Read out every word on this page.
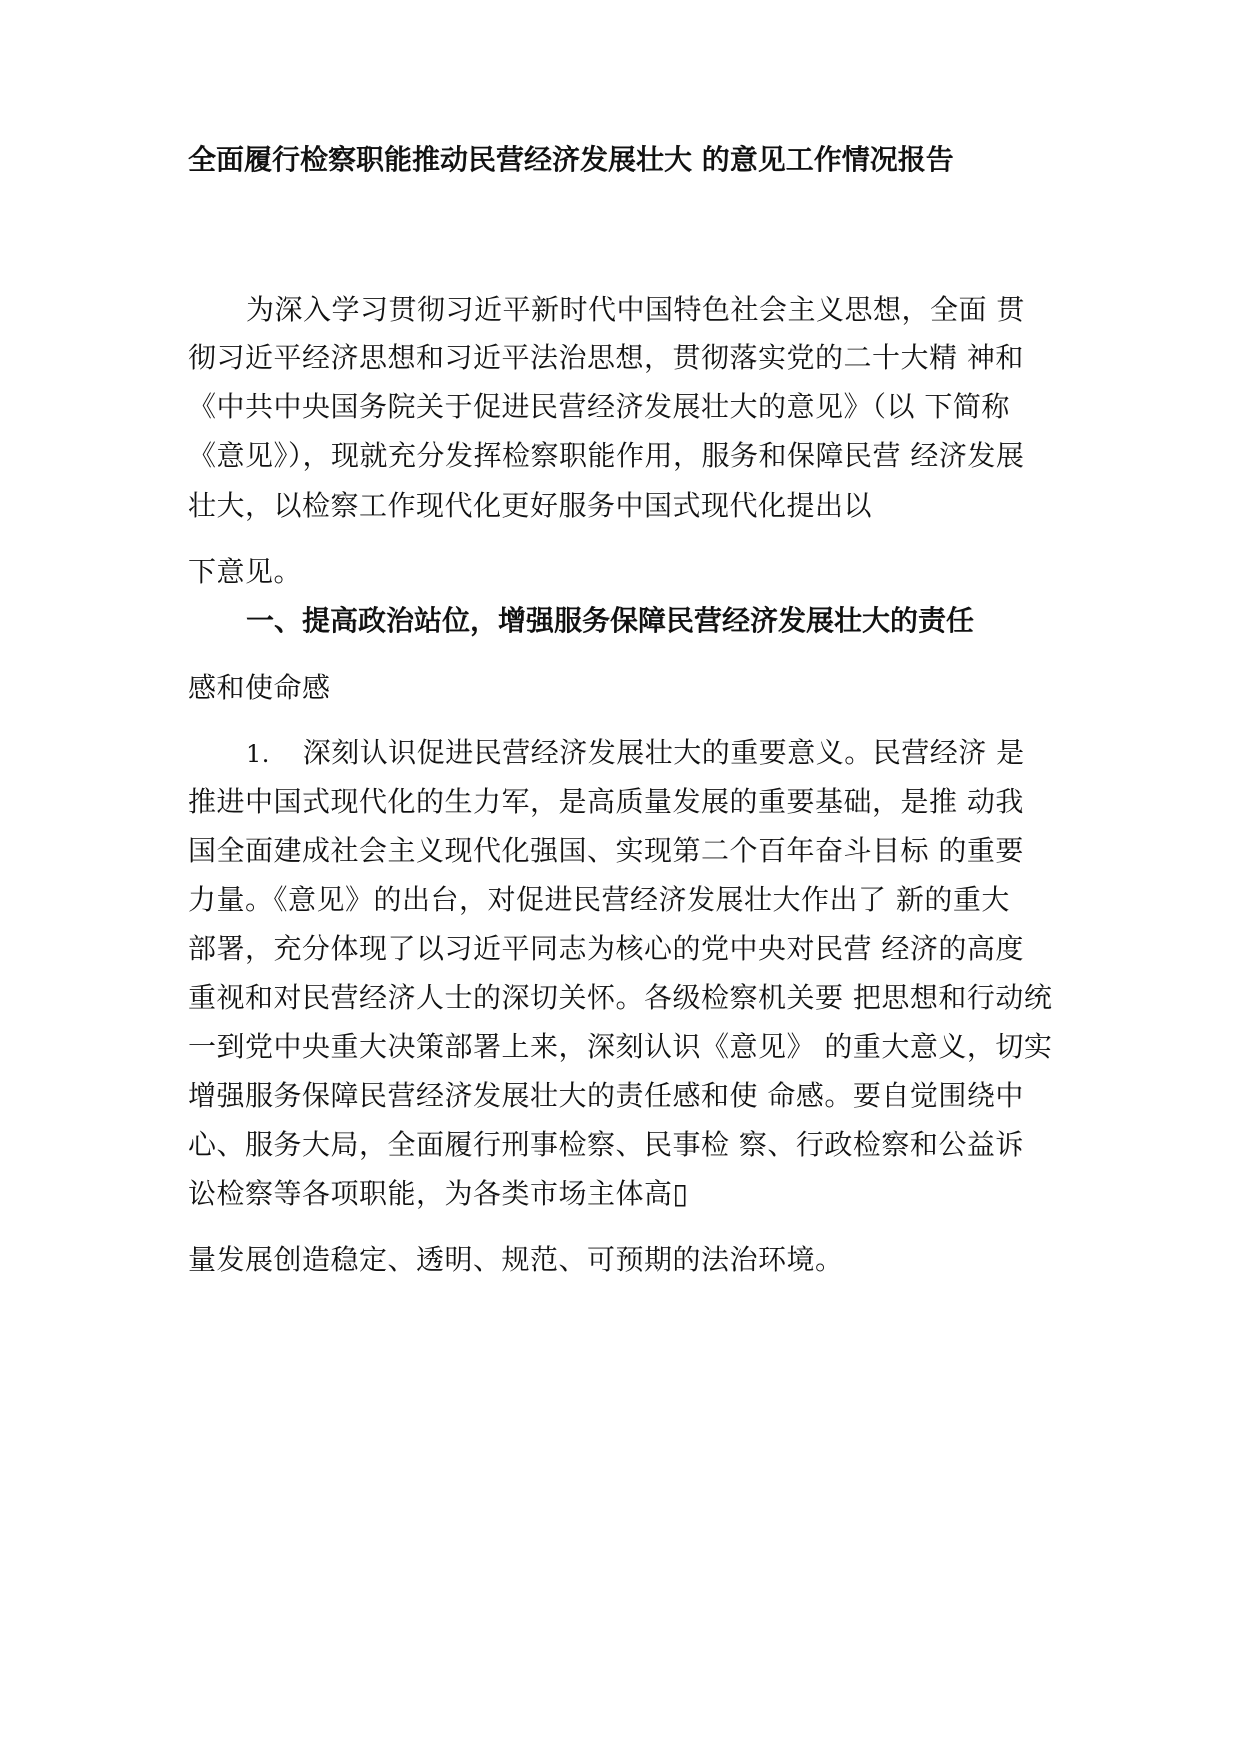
全面履行检察职能推动民营经济发展壮大 的意见工作情况报告
为深入学习贯彻习近平新时代中国特色社会主义思想，全面 贯
彻习近平经济思想和习近平法治思想，贯彻落实党的二十大精 神和
《中共中央国务院关于促进民营经济发展壮大的意见》（以 下简称
《意见》），现就充分发挥检察职能作用，服务和保障民营 经济发展
壮大，以检察工作现代化更好服务中国式现代化提出以
下意见。
一、提高政治站位，增强服务保障民营经济发展壮大的责任
感和使命感
1. 深刻认识促进民营经济发展壮大的重要意义。民营经济 是
推进中国式现代化的生力军，是高质量发展的重要基础，是推 动我
国全面建成社会主义现代化强国、实现第二个百年奋斗目标 的重要
力量。《意见》的出台，对促进民营经济发展壮大作出了 新的重大
部署，充分体现了以习近平同志为核心的党中央对民营 经济的高度
重视和对民营经济人士的深切关怀。各级检察机关要 把思想和行动统
一到党中央重大决策部署上来，深刻认识《意见》 的重大意义，切实
增强服务保障民营经济发展壮大的责任感和使 命感。要自觉围绕中
心、服务大局，全面履行刑事检察、民事检 察、行政检察和公益诉
讼检察等各项职能，为各类市场主体高▯
量发展创造稳定、透明、规范、可预期的法治环境。
